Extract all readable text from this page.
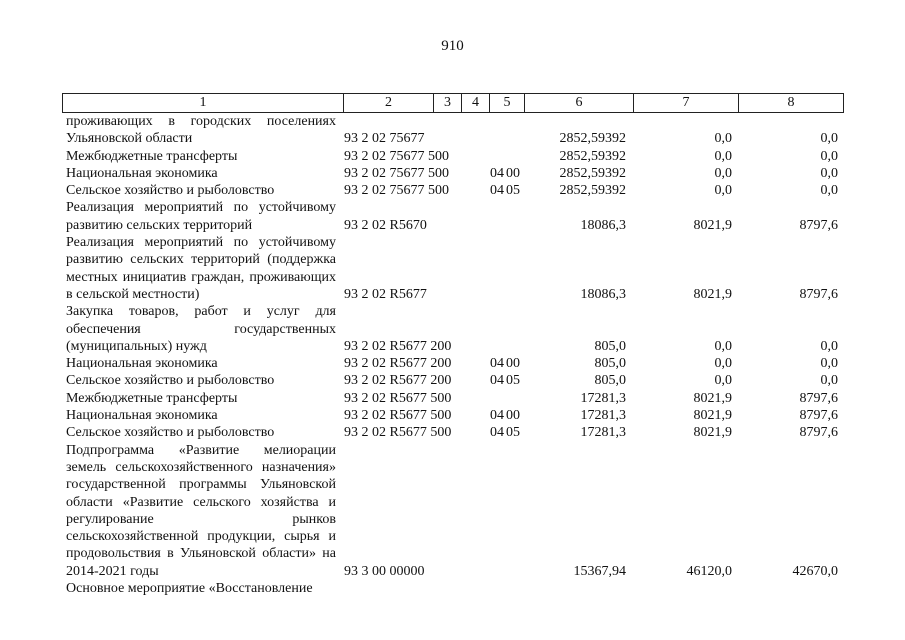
910
1	2	3	4	5	6	7	8
проживающих в городских поселениях Ульяновской области	93 2 02 75677	2852,59392	0,0	0,0
Межбюджетные трансферты	93 2 02 75677 500	2852,59392	0,0	0,0
Национальная экономика	93 2 02 75677 500	04 00	2852,59392	0,0	0,0
Сельское хозяйство и рыболовство	93 2 02 75677 500	04 05	2852,59392	0,0	0,0
Реализация мероприятий по устойчивому развитию сельских территорий	93 2 02 R5670	18086,3	8021,9	8797,6
Реализация мероприятий по устойчивому развитию сельских территорий (поддержка местных инициатив граждан, проживающих в сельской местности)	93 2 02 R5677	18086,3	8021,9	8797,6
Закупка товаров, работ и услуг для обеспечения государственных (муниципальных) нужд	93 2 02 R5677 200	805,0	0,0	0,0
Национальная экономика	93 2 02 R5677 200	04 00	805,0	0,0	0,0
Сельское хозяйство и рыболовство	93 2 02 R5677 200	04 05	805,0	0,0	0,0
Межбюджетные трансферты	93 2 02 R5677 500	17281,3	8021,9	8797,6
Национальная экономика	93 2 02 R5677 500	04 00	17281,3	8021,9	8797,6
Сельское хозяйство и рыболовство	93 2 02 R5677 500	04 05	17281,3	8021,9	8797,6
Подпрограмма «Развитие мелиорации земель сельскохозяйственного назначения» государственной программы Ульяновской области «Развитие сельского хозяйства и регулирование рынков сельскохозяйственной продукции, сырья и продовольствия в Ульяновской области» на 2014-2021 годы	93 3 00 00000	15367,94	46120,0	42670,0
Основное мероприятие «Восстановление
